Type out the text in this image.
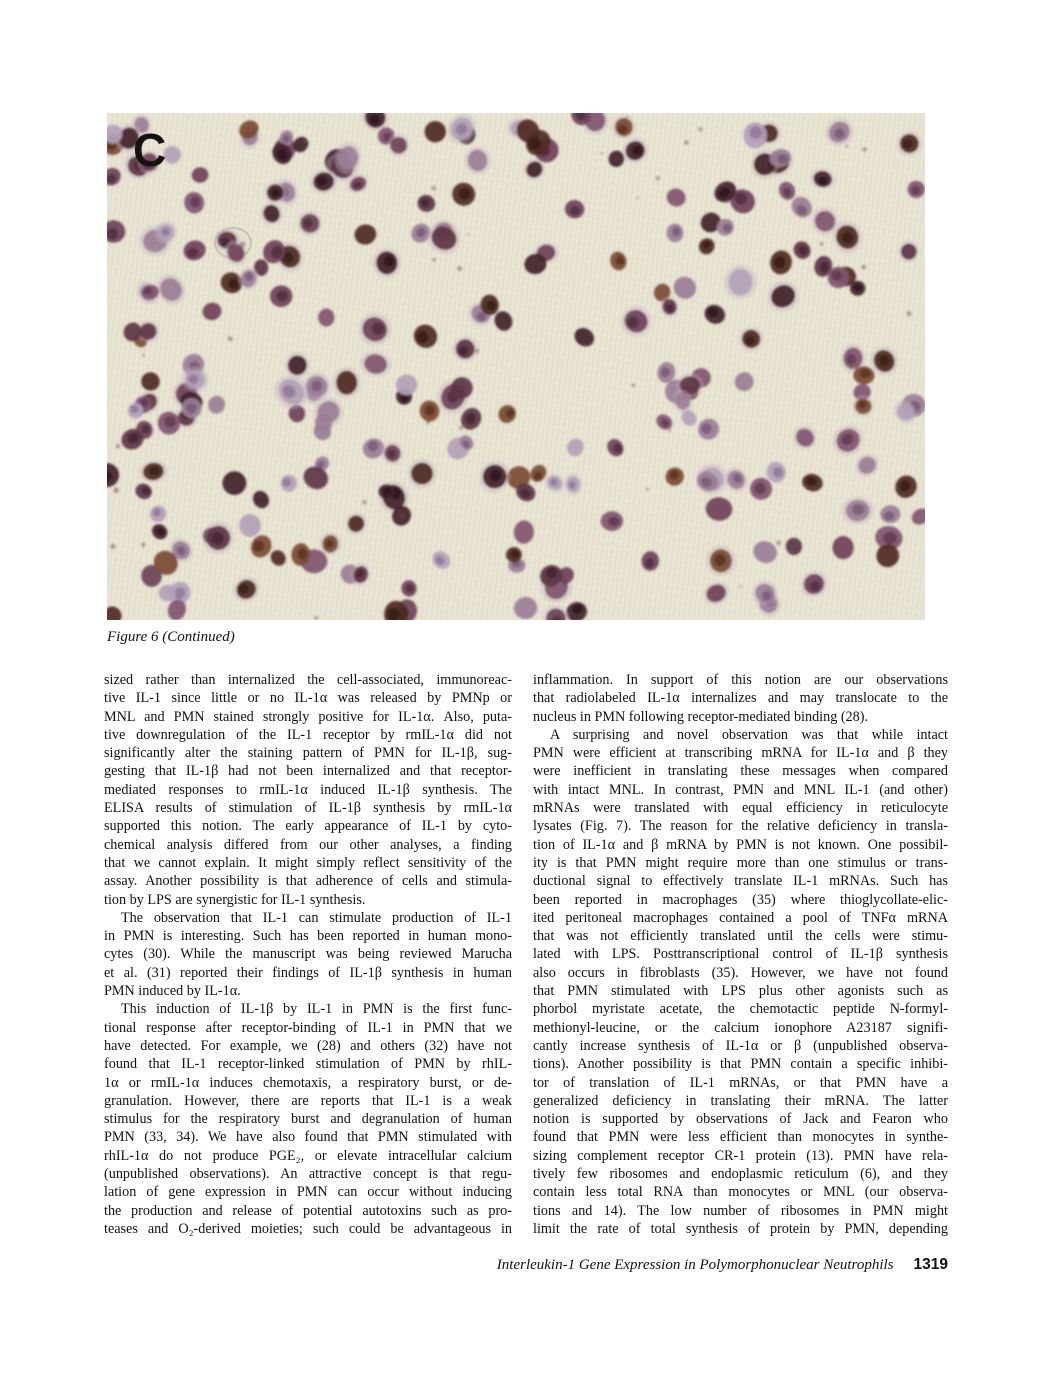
C
Figure 6 (Continued)
sized rather than internalized the cell-associated, immunoreac-
tive IL-1 since little or no IL-1α was released by PMNp or
MNL and PMN stained strongly positive for IL-1α. Also, puta-
tive downregulation of the IL-1 receptor by rmIL-1α did not
significantly alter the staining pattern of PMN for IL-1β, sug-
gesting that IL-1β had not been internalized and that receptor-
mediated responses to rmIL-1α induced IL-1β synthesis. The
ELISA results of stimulation of IL-1β synthesis by rmIL-1α
supported this notion. The early appearance of IL-1 by cyto-
chemical analysis differed from our other analyses, a finding
that we cannot explain. It might simply reflect sensitivity of the
assay. Another possibility is that adherence of cells and stimula-
tion by LPS are synergistic for IL-1 synthesis.
The observation that IL-1 can stimulate production of IL-1
in PMN is interesting. Such has been reported in human mono-
cytes (30). While the manuscript was being reviewed Marucha
et al. (31) reported their findings of IL-1β synthesis in human
PMN induced by IL-1α.
This induction of IL-1β by IL-1 in PMN is the first func-
tional response after receptor-binding of IL-1 in PMN that we
have detected. For example, we (28) and others (32) have not
found that IL-1 receptor-linked stimulation of PMN by rhIL-
1α or rmIL-1α induces chemotaxis, a respiratory burst, or de-
granulation. However, there are reports that IL-1 is a weak
stimulus for the respiratory burst and degranulation of human
PMN (33, 34). We have also found that PMN stimulated with
rhIL-1α do not produce PGE₂, or elevate intracellular calcium
(unpublished observations). An attractive concept is that regu-
lation of gene expression in PMN can occur without inducing
the production and release of potential autotoxins such as pro-
teases and O₂-derived moieties; such could be advantageous in
inflammation. In support of this notion are our observations
that radiolabeled IL-1α internalizes and may translocate to the
nucleus in PMN following receptor-mediated binding (28).
A surprising and novel observation was that while intact
PMN were efficient at transcribing mRNA for IL-1α and β they
were inefficient in translating these messages when compared
with intact MNL. In contrast, PMN and MNL IL-1 (and other)
mRNAs were translated with equal efficiency in reticulocyte
lysates (Fig. 7). The reason for the relative deficiency in transla-
tion of IL-1α and β mRNA by PMN is not known. One possibil-
ity is that PMN might require more than one stimulus or trans-
ductional signal to effectively translate IL-1 mRNAs. Such has
been reported in macrophages (35) where thioglycollate-elic-
ited peritoneal macrophages contained a pool of TNFα mRNA
that was not efficiently translated until the cells were stimu-
lated with LPS. Posttranscriptional control of IL-1β synthesis
also occurs in fibroblasts (35). However, we have not found
that PMN stimulated with LPS plus other agonists such as
phorbol myristate acetate, the chemotactic peptide N-formyl-
methionyl-leucine, or the calcium ionophore A23187 signifi-
cantly increase synthesis of IL-1α or β (unpublished observa-
tions). Another possibility is that PMN contain a specific inhibi-
tor of translation of IL-1 mRNAs, or that PMN have a
generalized deficiency in translating their mRNA. The latter
notion is supported by observations of Jack and Fearon who
found that PMN were less efficient than monocytes in synthe-
sizing complement receptor CR-1 protein (13). PMN have rela-
tively few ribosomes and endoplasmic reticulum (6), and they
contain less total RNA than monocytes or MNL (our observa-
tions and 14). The low number of ribosomes in PMN might
limit the rate of total synthesis of protein by PMN, depending
Interleukin-1 Gene Expression in Polymorphonuclear Neutrophils 1319
